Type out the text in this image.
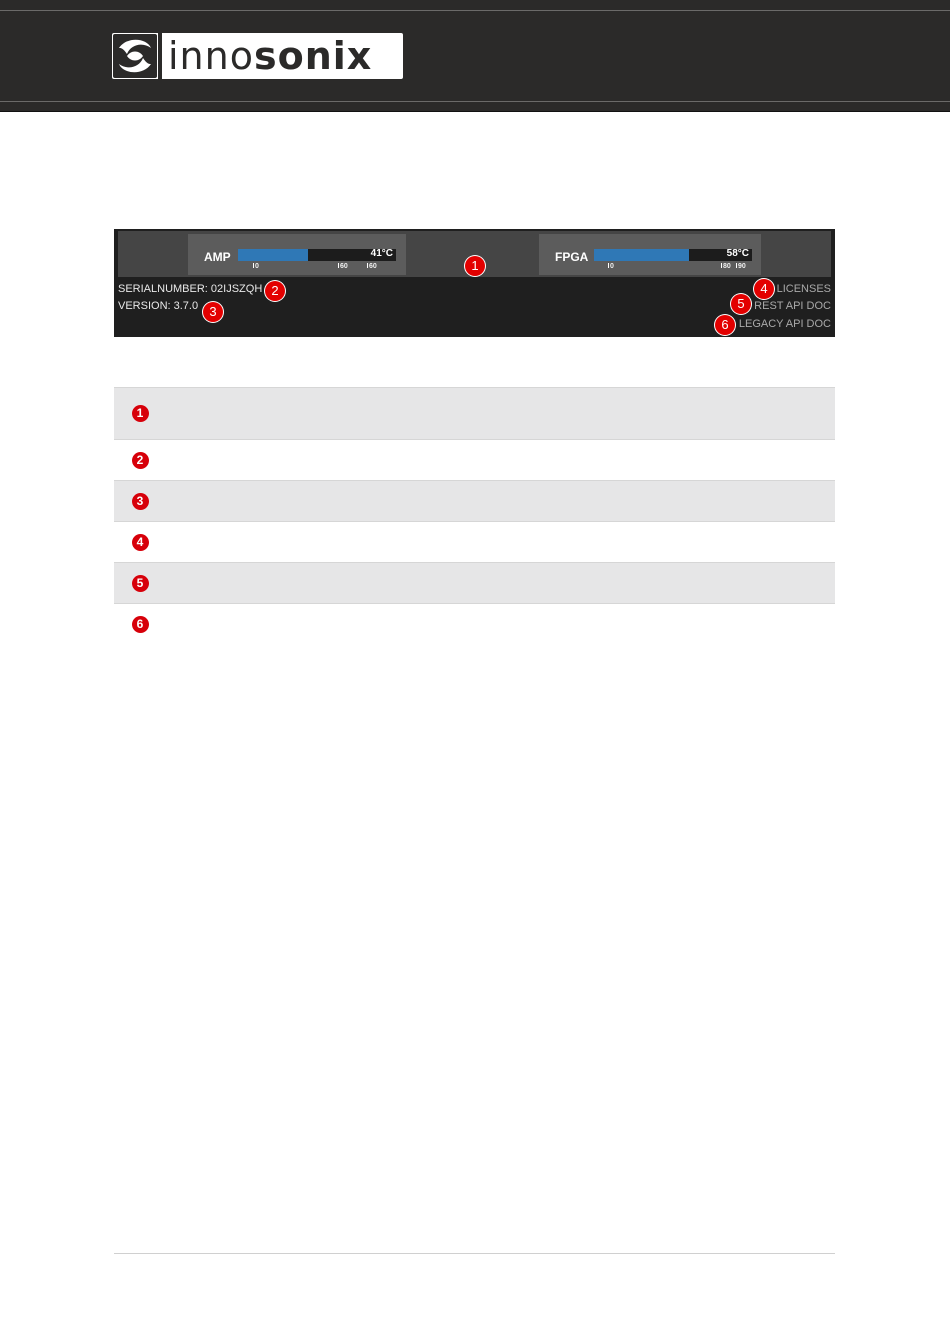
innosonix
AMP	41°C
0	60	60
FPGA	58°C
0	80 90
SERIALNUMBER: 02IJSZQH
VERSION: 3.7.0
LICENSES
REST API DOC
LEGACY API DOC
1
2
3
4
5
6

1		
2		
3		
4		
5		
6		
